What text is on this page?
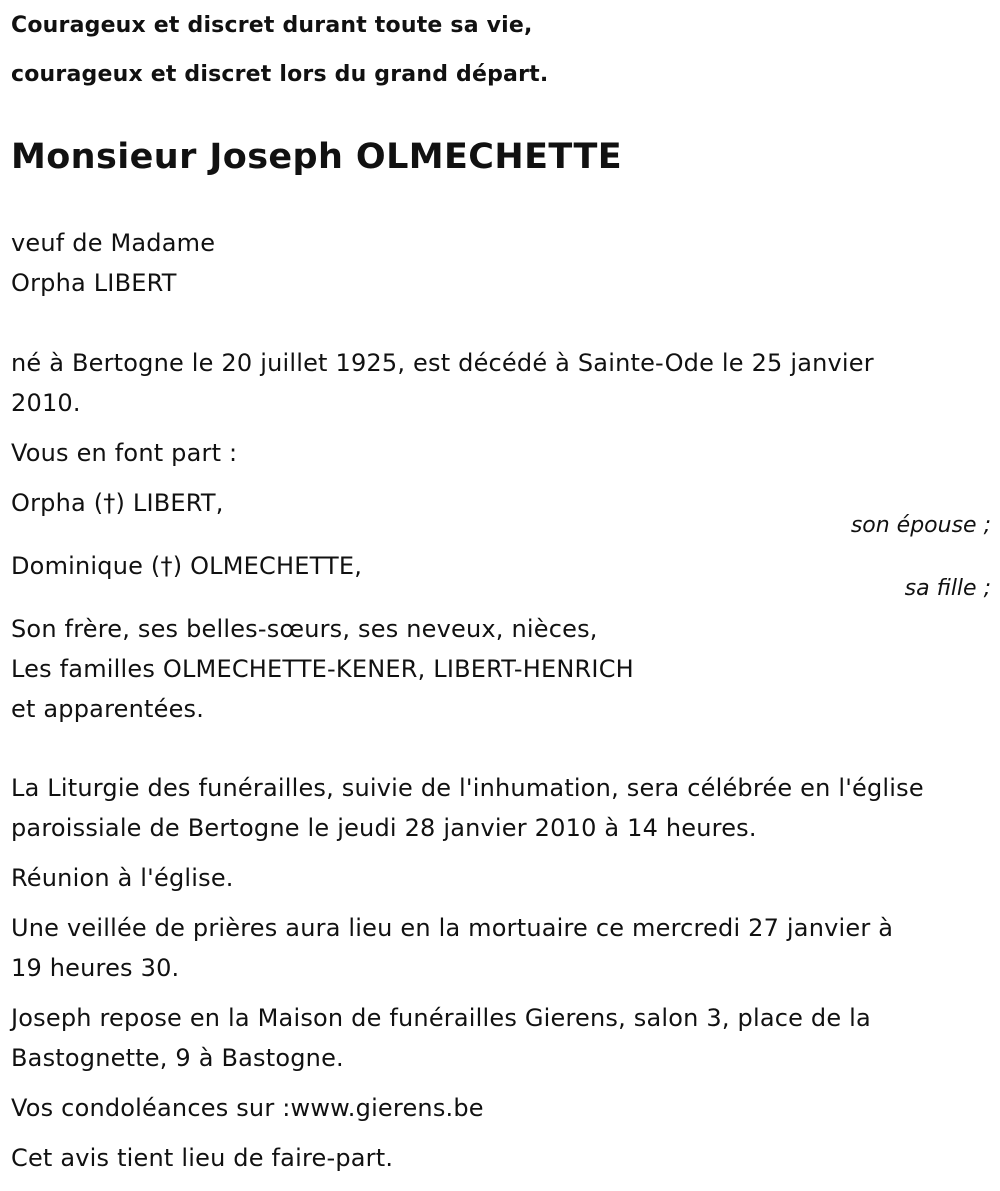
Courageux et discret durant toute sa vie,
courageux et discret lors du grand départ.
Monsieur Joseph OLMECHETTE
veuf de Madame
Orpha LIBERT
né à Bertogne le 20 juillet 1925, est décédé à Sainte-Ode le 25 janvier
2010.
Vous en font part :
Orpha (†) LIBERT,
son épouse ;
Dominique (†) OLMECHETTE,
sa fille ;
Son frère, ses belles-sœurs, ses neveux, nièces,
Les familles OLMECHETTE-KENER, LIBERT-HENRICH
et apparentées.
La Liturgie des funérailles, suivie de l'inhumation, sera célébrée en l'église
paroissiale de Bertogne le jeudi 28 janvier 2010 à 14 heures.
Réunion à l'église.
Une veillée de prières aura lieu en la mortuaire ce mercredi 27 janvier à
19 heures 30.
Joseph repose en la Maison de funérailles Gierens, salon 3, place de la
Bastognette, 9 à Bastogne.
Vos condoléances sur :www.gierens.be
Cet avis tient lieu de faire-part.
